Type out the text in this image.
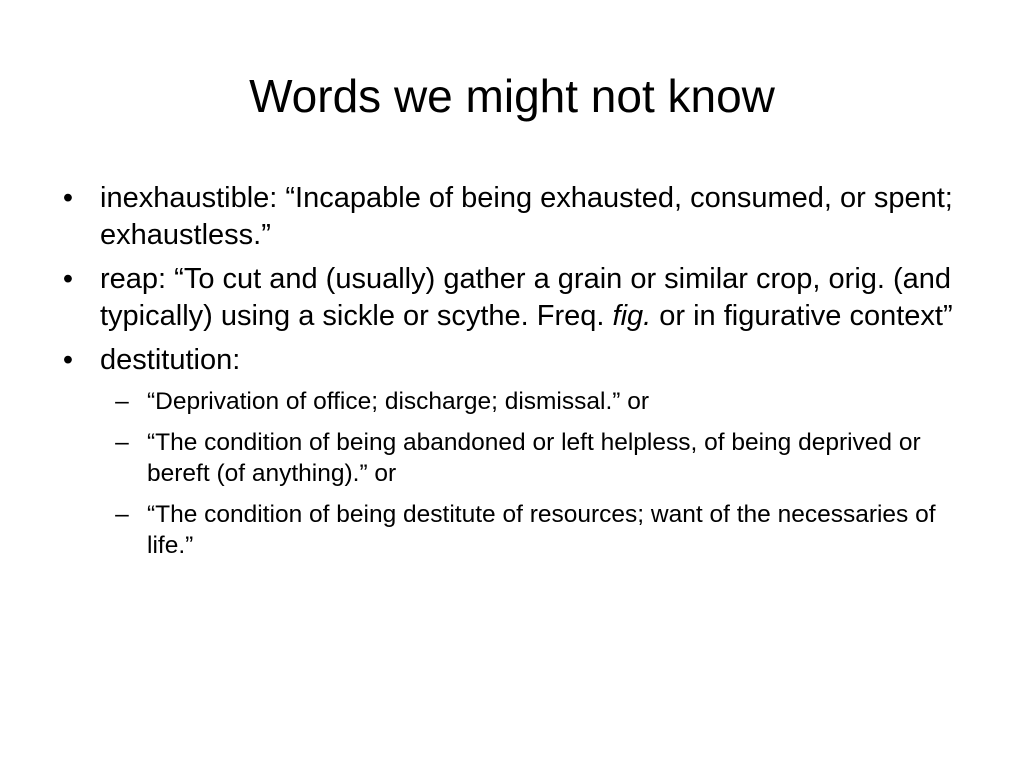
Words we might not know
• inexhaustible: “Incapable of being exhausted, consumed, or spent; exhaustless.”
• reap: “To cut and (usually) gather a grain or similar crop, orig. (and typically) using a sickle or scythe. Freq. fig. or in figurative context”
• destitution:
– “Deprivation of office; discharge; dismissal.” or
– “The condition of being abandoned or left helpless, of being deprived or bereft (of anything).” or
– “The condition of being destitute of resources; want of the necessaries of life.”
